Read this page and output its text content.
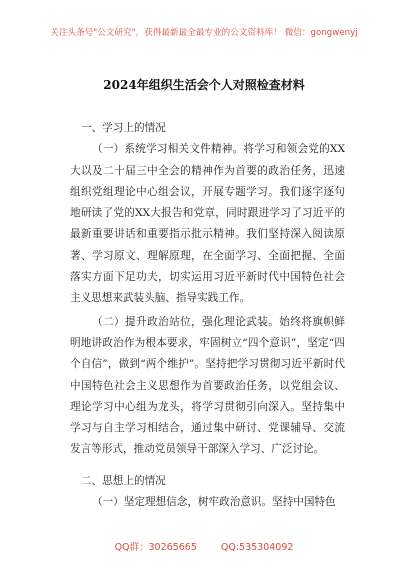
关注头条号"公文研究"，获得最新最全最专业的公文资料库！ 微信：gongwenyj
2024年组织生活会个人对照检查材料

一、学习上的情况

（一）系统学习相关文件精神。将学习和领会党的XX大以及二十届三中全会的精神作为首要的政治任务，迅速组织党组理论中心组会议，开展专题学习。我们逐字逐句地研读了党的XX大报告和党章，同时跟进学习了习近平的最新重要讲话和重要指示批示精神。我们坚持深入阅读原著、学习原文、理解原理，在全面学习、全面把握、全面落实方面下足功夫，切实运用习近平新时代中国特色社会主义思想来武装头脑、指导实践工作。

（二）提升政治站位，强化理论武装。始终将旗帜鲜明地讲政治作为根本要求，牢固树立“四个意识”，坚定“四个自信”，做到“两个维护”。坚持把学习贯彻习近平新时代中国特色社会主义思想作为首要政治任务，以党组会议、理论学习中心组为龙头，将学习贯彻引向深入。坚持集中学习与自主学习相结合，通过集中研讨、党课辅导、交流发言等形式，推动党员领导干部深入学习、广泛讨论。

二、思想上的情况

（一）坚定理想信念，树牢政治意识。坚持中国特色

QQ群：30265665	QQ:535304092
